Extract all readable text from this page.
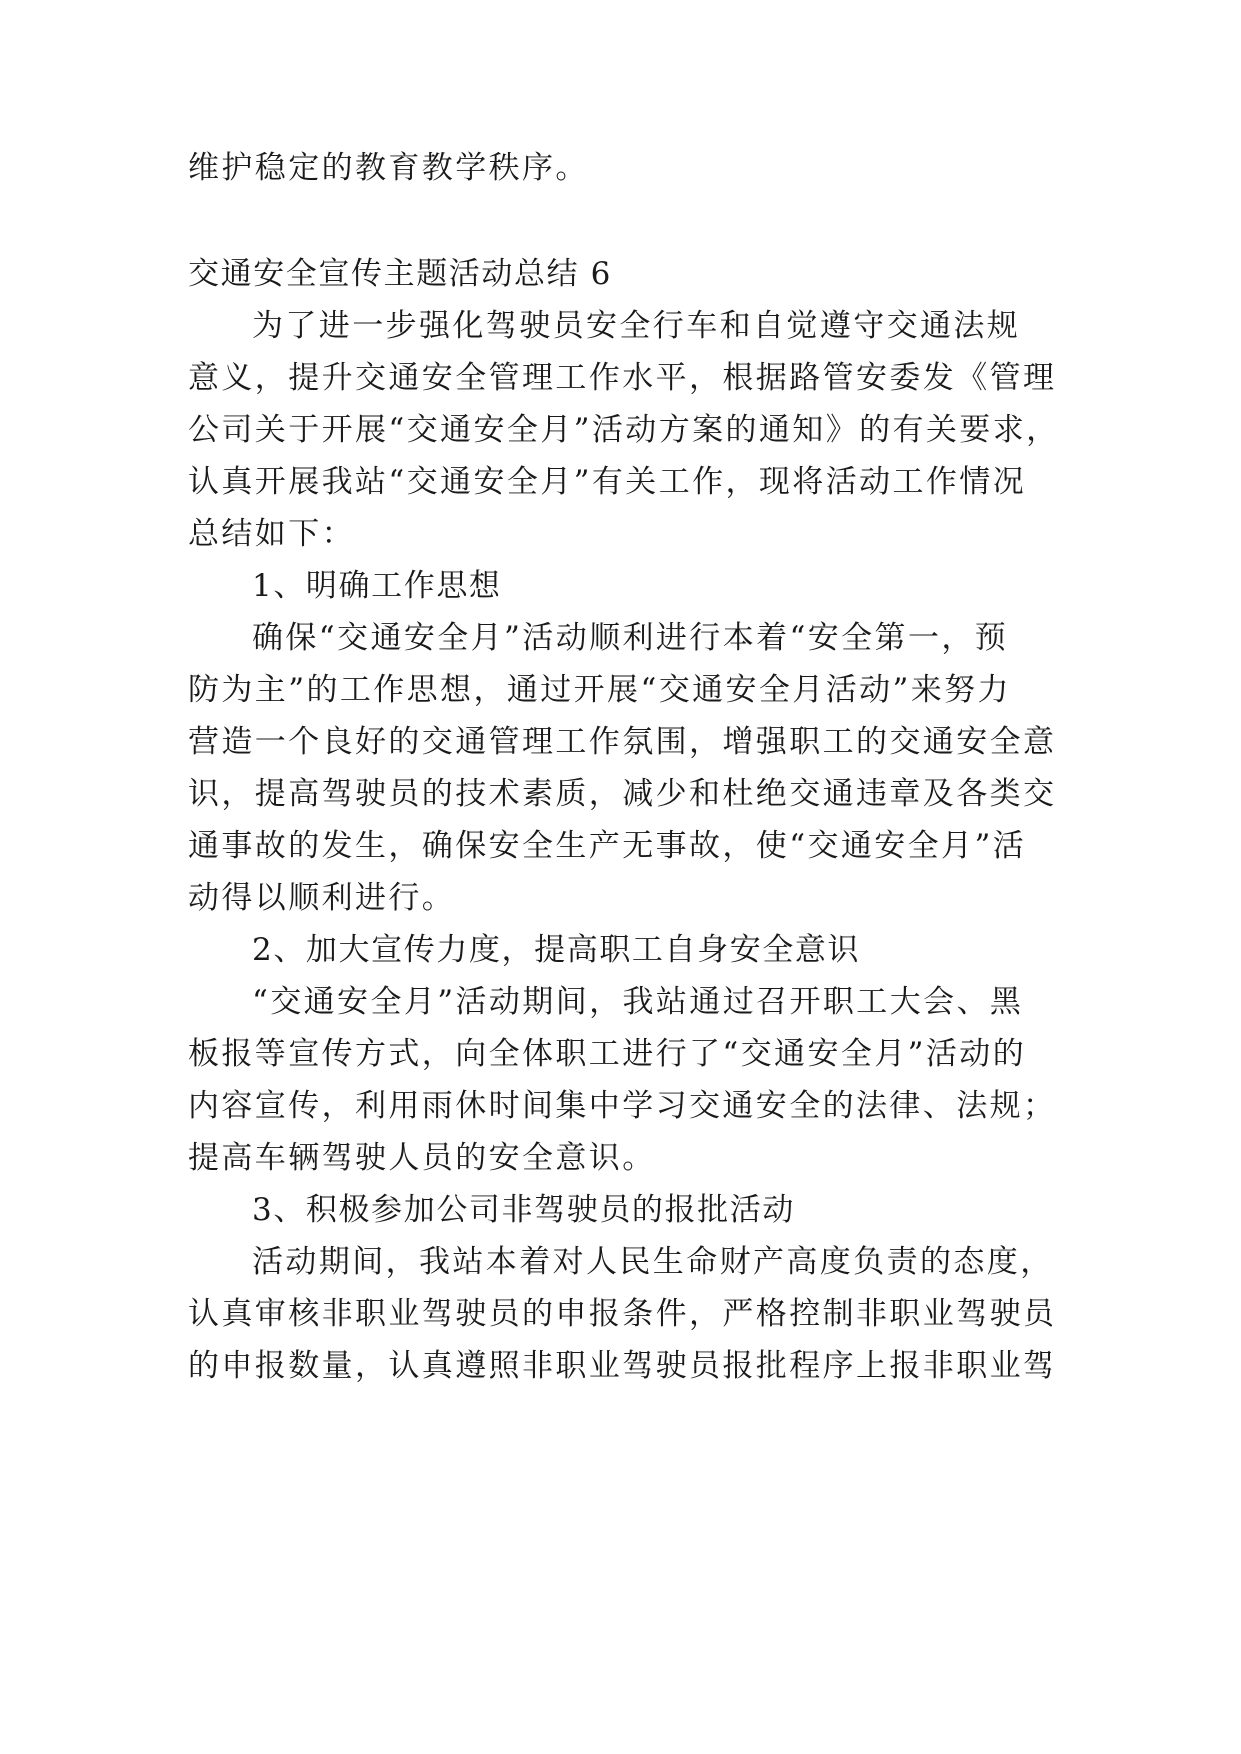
维护稳定的教育教学秩序。
交通安全宣传主题活动总结 6
为了进一步强化驾驶员安全行车和自觉遵守交通法规
意义，提升交通安全管理工作水平，根据路管安委发《管理
公司关于开展“交通安全月”活动方案的通知》的有关要求，
认真开展我站“交通安全月”有关工作，现将活动工作情况
总结如下：
1、明确工作思想
确保“交通安全月”活动顺利进行本着“安全第一，预
防为主”的工作思想，通过开展“交通安全月活动”来努力
营造一个良好的交通管理工作氛围，增强职工的交通安全意
识，提高驾驶员的技术素质，减少和杜绝交通违章及各类交
通事故的发生，确保安全生产无事故，使“交通安全月”活
动得以顺利进行。
2、加大宣传力度，提高职工自身安全意识
“交通安全月”活动期间，我站通过召开职工大会、黑
板报等宣传方式，向全体职工进行了“交通安全月”活动的
内容宣传，利用雨休时间集中学习交通安全的法律、法规；
提高车辆驾驶人员的安全意识。
3、积极参加公司非驾驶员的报批活动
活动期间，我站本着对人民生命财产高度负责的态度，
认真审核非职业驾驶员的申报条件，严格控制非职业驾驶员
的申报数量，认真遵照非职业驾驶员报批程序上报非职业驾
